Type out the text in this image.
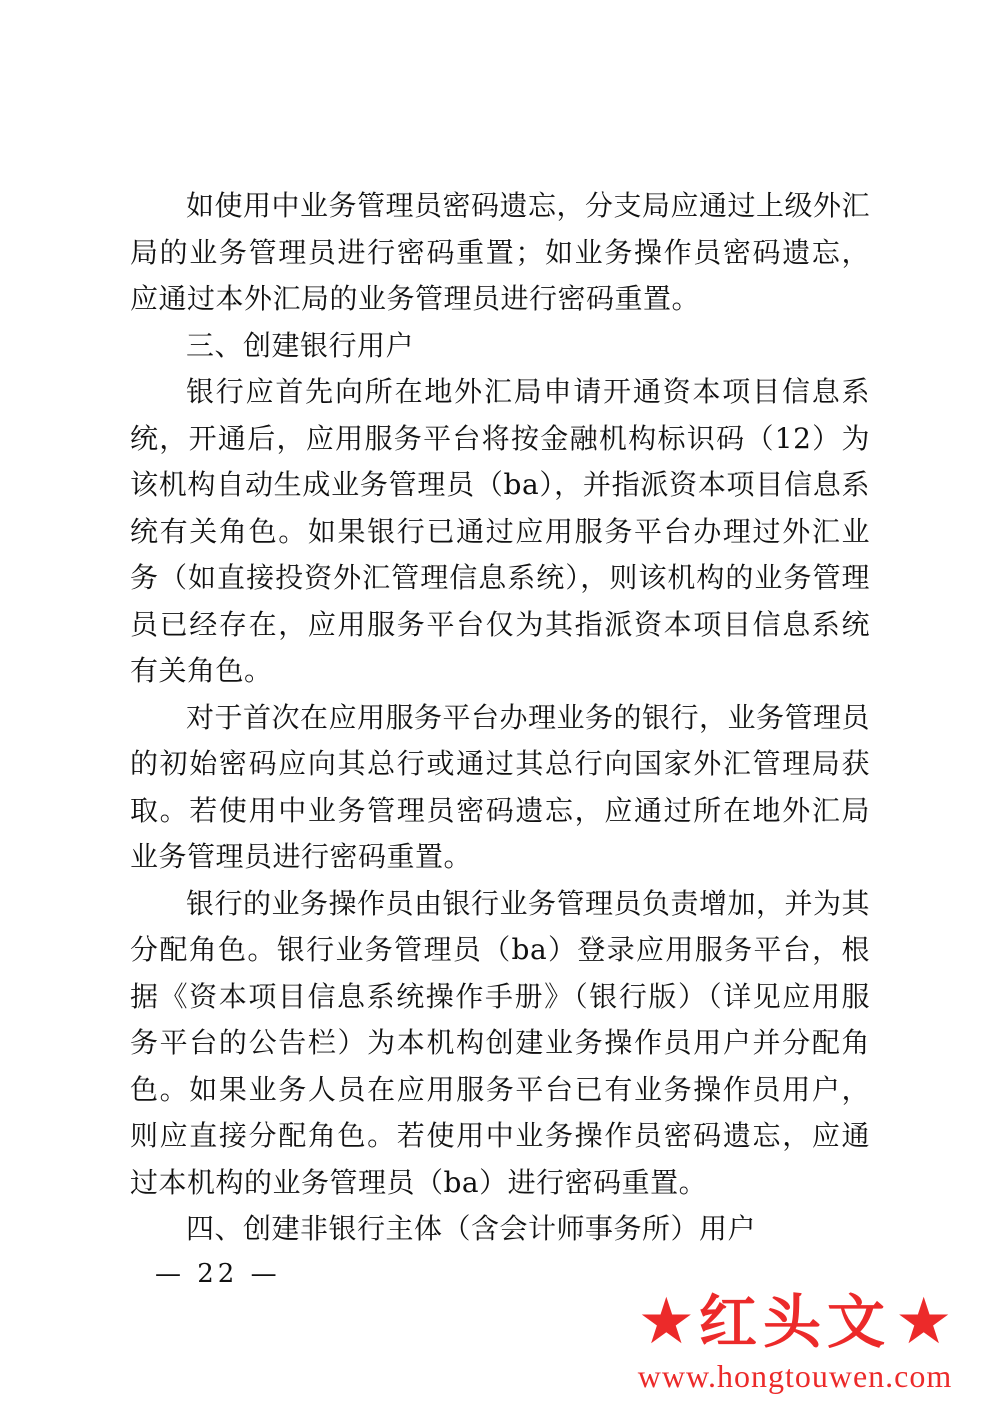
如使用中业务管理员密码遗忘，分支局应通过上级外汇局的业务管理员进行密码重置；如业务操作员密码遗忘，应通过本外汇局的业务管理员进行密码重置。

三、创建银行用户

银行应首先向所在地外汇局申请开通资本项目信息系统，开通后，应用服务平台将按金融机构标识码（12）为该机构自动生成业务管理员（ba），并指派资本项目信息系统有关角色。如果银行已通过应用服务平台办理过外汇业务（如直接投资外汇管理信息系统），则该机构的业务管理员已经存在，应用服务平台仅为其指派资本项目信息系统有关角色。

对于首次在应用服务平台办理业务的银行，业务管理员的初始密码应向其总行或通过其总行向国家外汇管理局获取。若使用中业务管理员密码遗忘，应通过所在地外汇局业务管理员进行密码重置。

银行的业务操作员由银行业务管理员负责增加，并为其分配角色。银行业务管理员（ba）登录应用服务平台，根据《资本项目信息系统操作手册》（银行版）（详见应用服务平台的公告栏）为本机构创建业务操作员用户并分配角色。如果业务人员在应用服务平台已有业务操作员用户，则应直接分配角色。若使用中业务操作员密码遗忘，应通过本机构的业务管理员（ba）进行密码重置。

四、创建非银行主体（含会计师事务所）用户

— 22 —
★ 红头文 ★
www.hongtouwen.com
